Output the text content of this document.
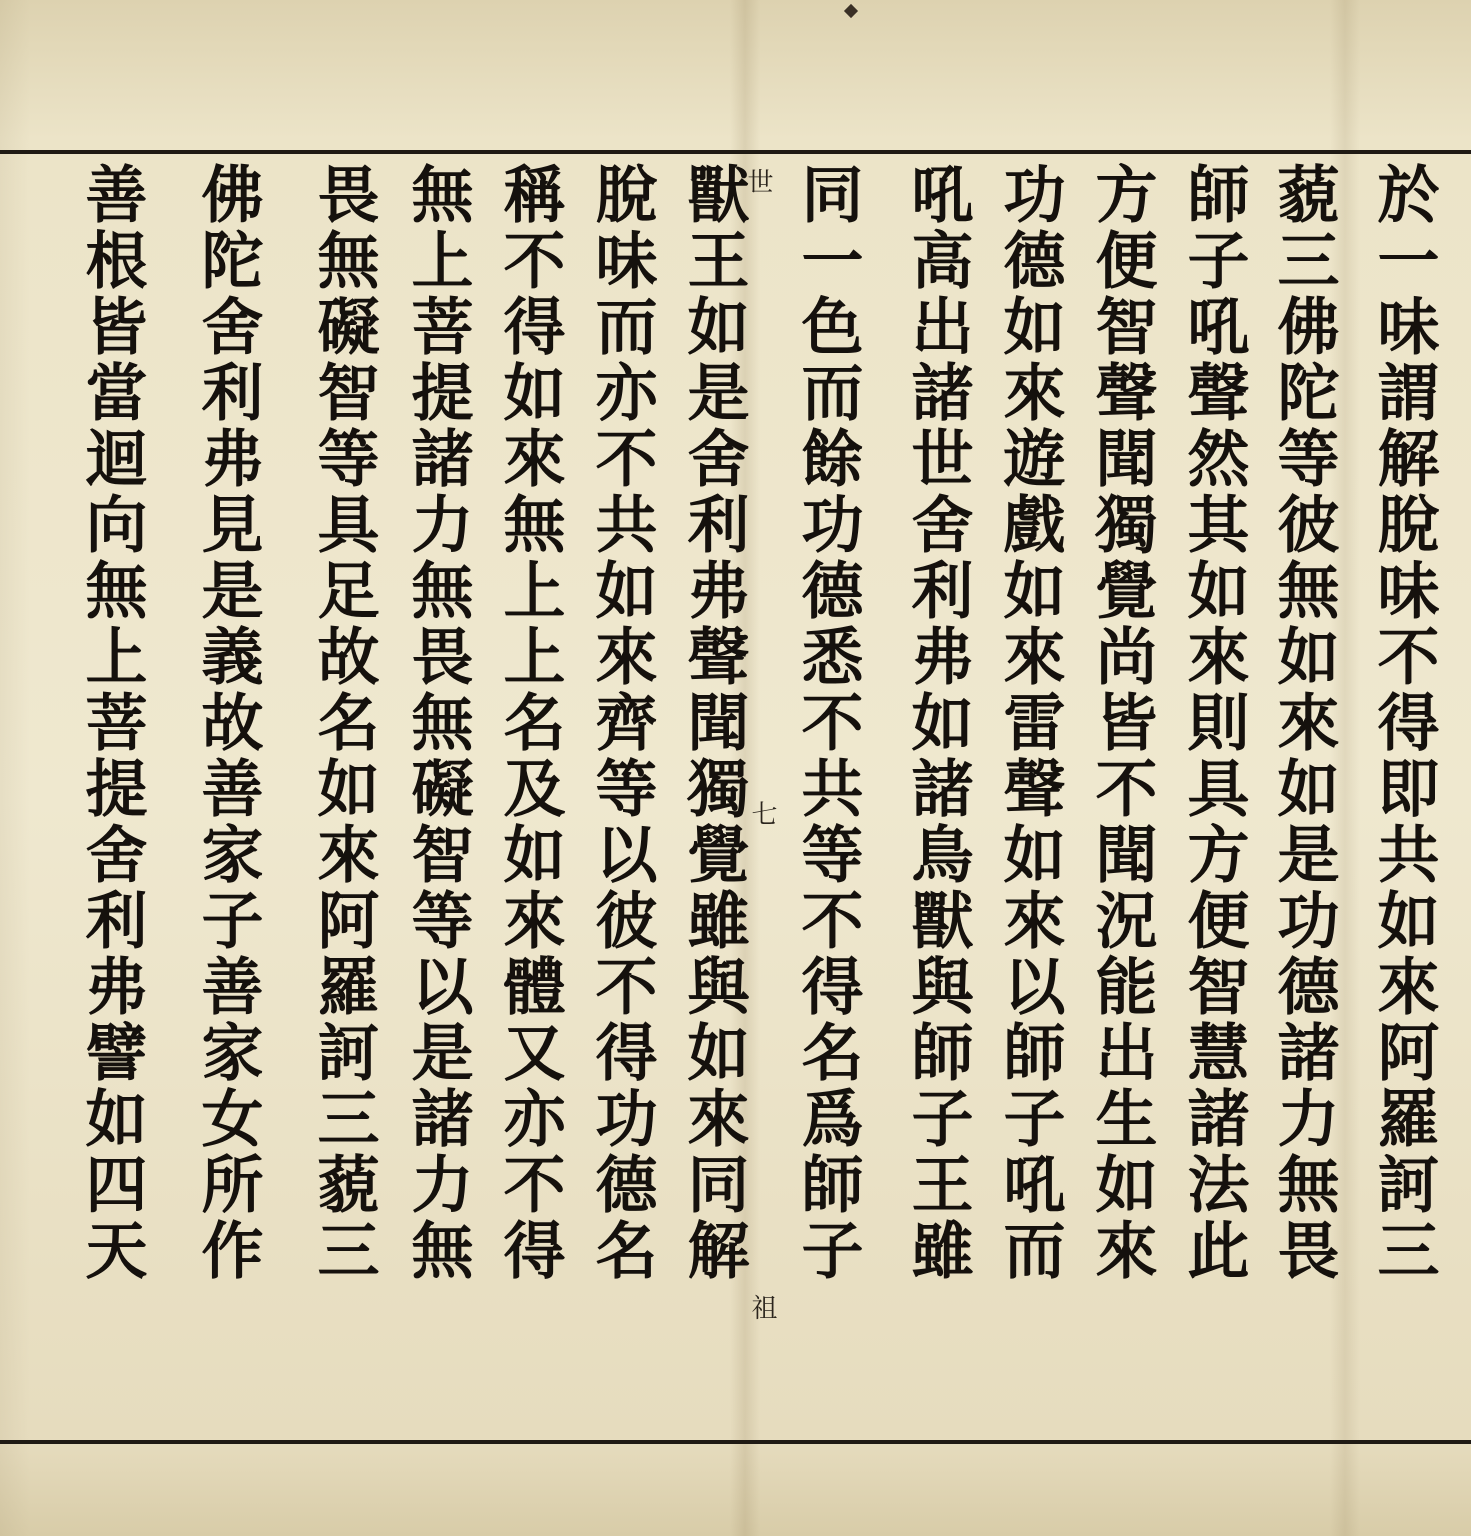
於一味謂解脫味不得即共如來阿羅訶三
藐三佛陀等彼無如來如是功德諸力無畏
師子吼聲然其如來則具方便智慧諸法此
方便智聲聞獨覺尚皆不聞況能出生如來
功德如來遊戲如來雷聲如來以師子吼而
吼高出諸世舍利弗如諸鳥獸與師子王雖
同一色而餘功德悉不共等不得名爲師子
獸王如是舍利弗聲聞獨覺雖與如來同解
脫味而亦不共如來齊等以彼不得功德名
稱不得如來無上上名及如來體又亦不得
無上菩提諸力無畏無礙智等以是諸力無
畏無礙智等具足故名如來阿羅訶三藐三
佛陀舍利弗見是義故善家子善家女所作
善根皆當迴向無上菩提舍利弗譬如四天	世
七
祖
